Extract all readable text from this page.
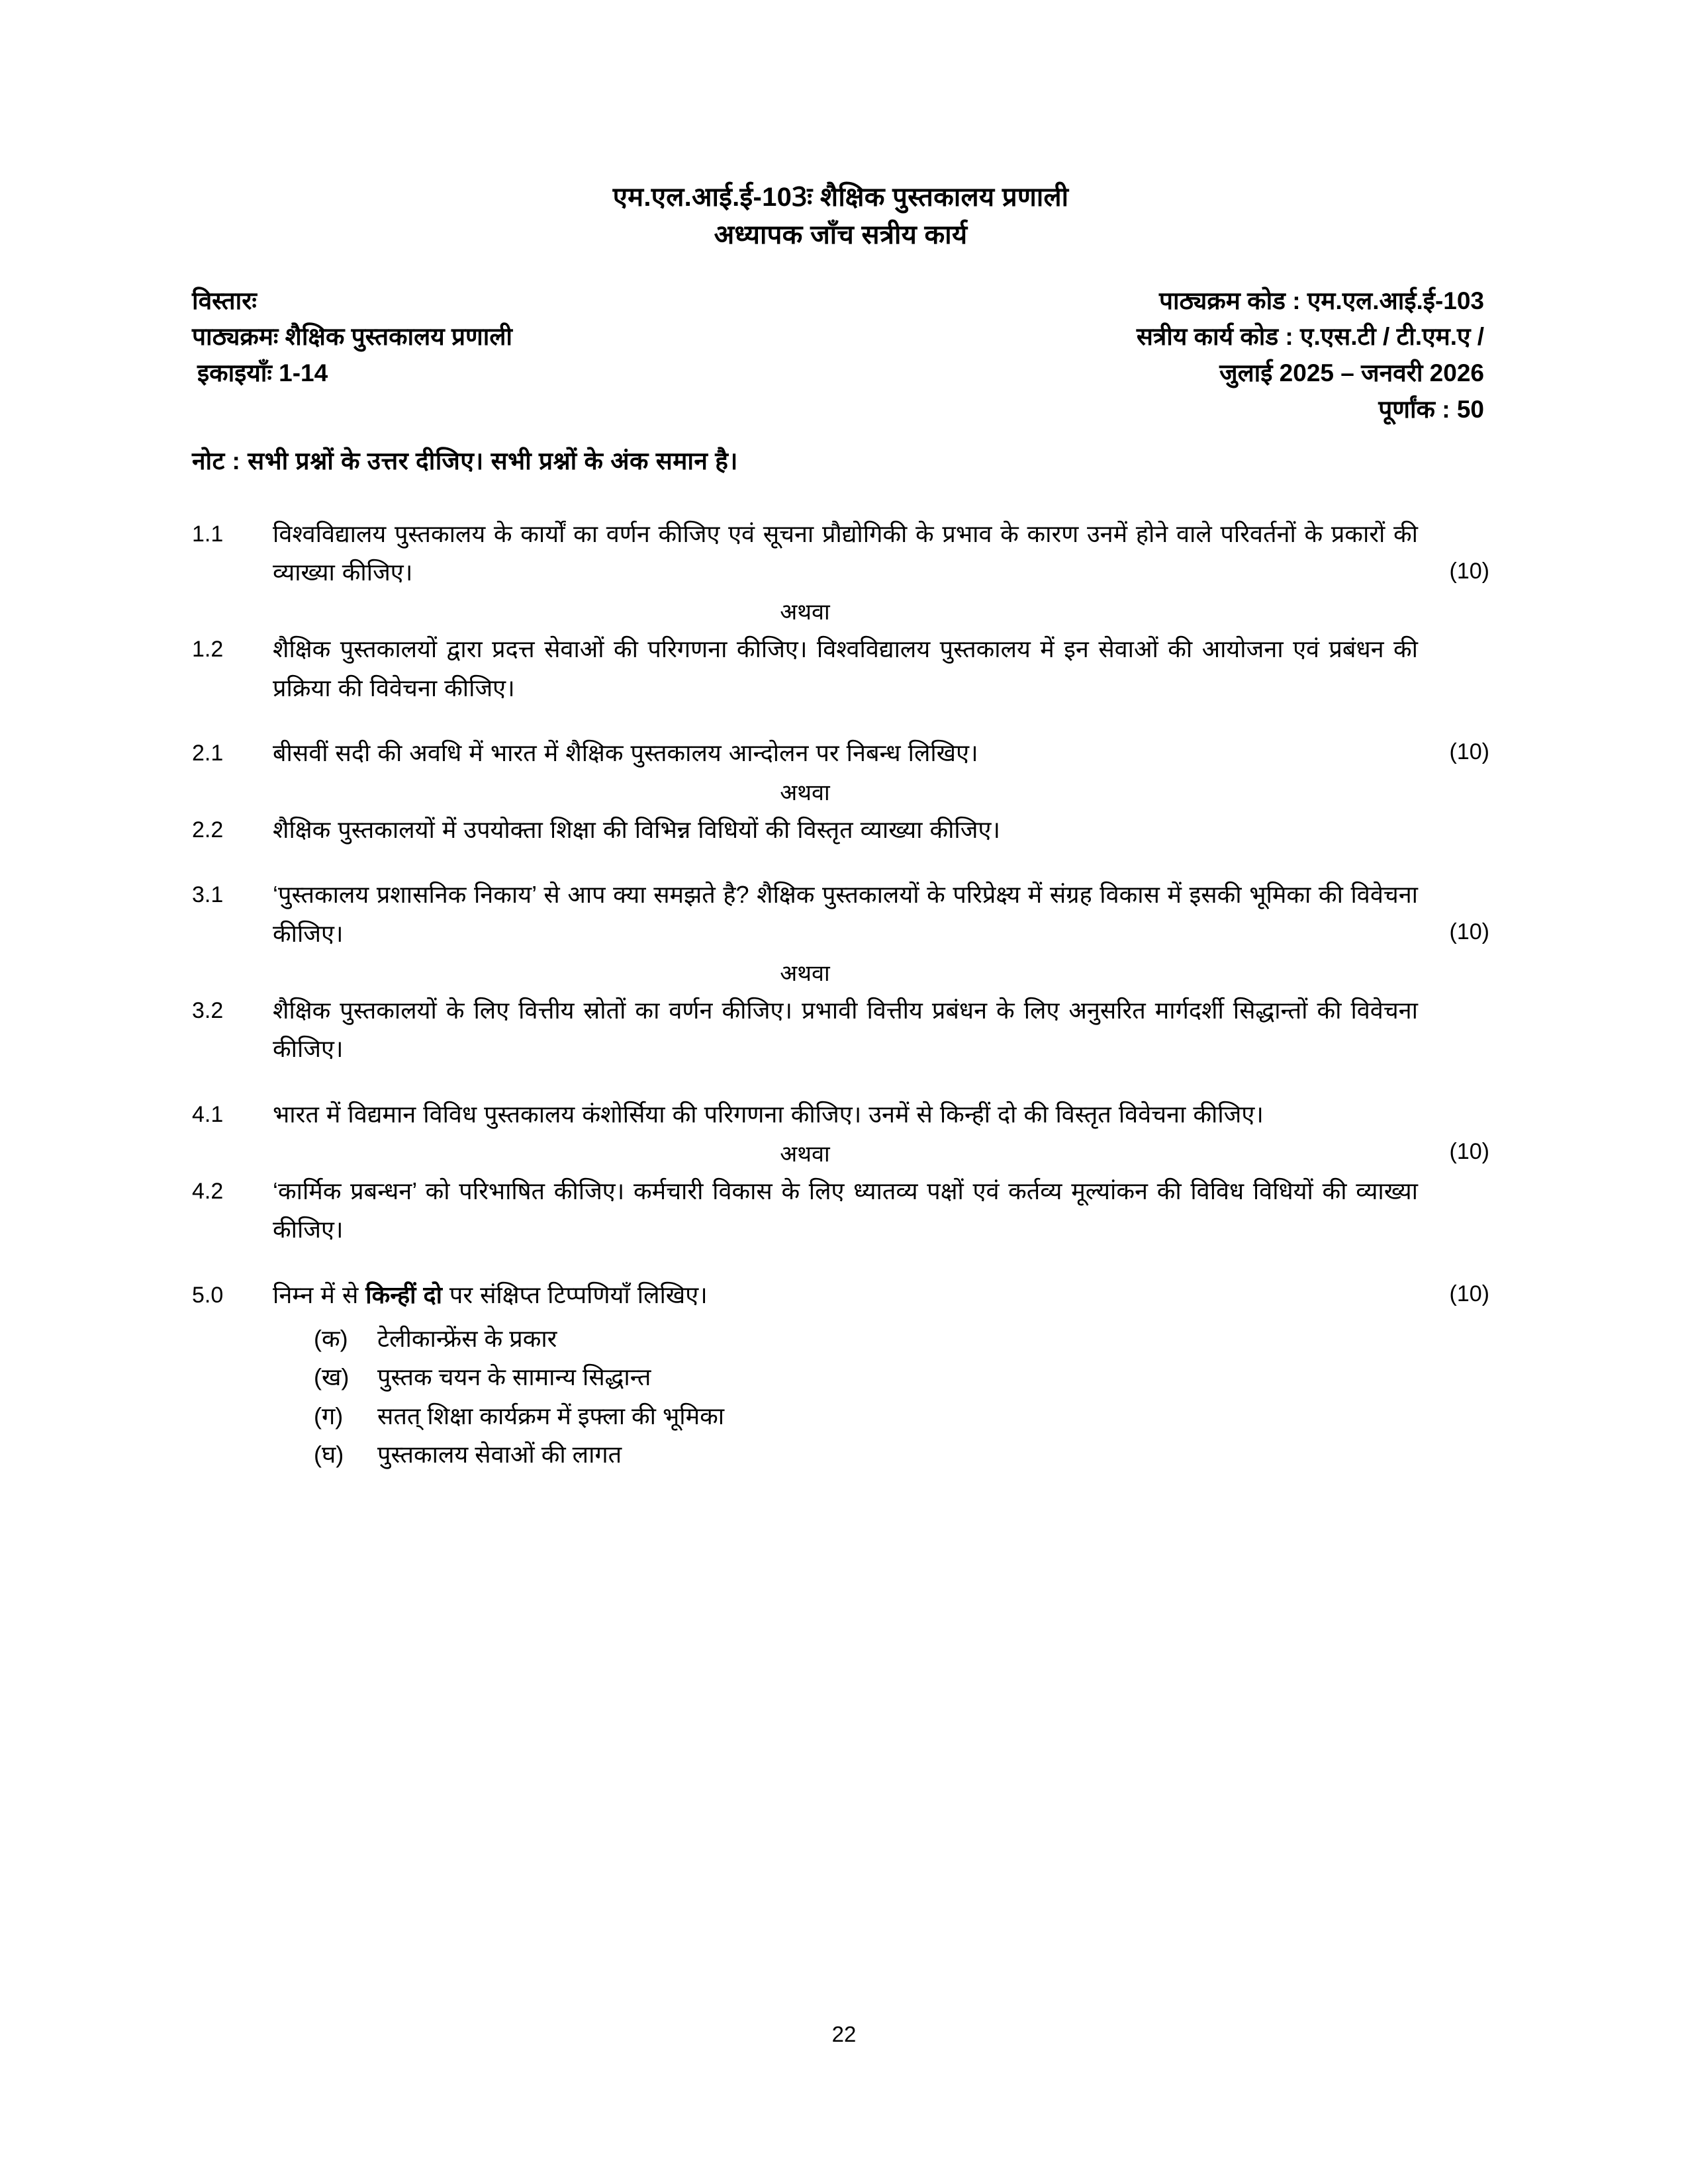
एम.एल.आई.ई-103ः शैक्षिक पुस्तकालय प्रणाली
अध्यापक जाँच सत्रीय कार्य
विस्तारः
पाठ्यक्रमः शैक्षिक पुस्तकालय प्रणाली
इकाइयाँः 1-14
पाठ्यक्रम कोड : एम.एल.आई.ई-103
सत्रीय कार्य कोड : ए.एस.टी / टी.एम.ए /
जुलाई 2025 – जनवरी 2026
पूर्णांक : 50
नोट : सभी प्रश्नों के उत्तर दीजिए। सभी प्रश्नों के अंक समान है।
1.1	विश्वविद्यालय पुस्तकालय के कार्यों का वर्णन कीजिए एवं सूचना प्रौद्योगिकी के प्रभाव के कारण उनमें होने वाले परिवर्तनों के प्रकारों की व्याख्या कीजिए।	(10)
अथवा
1.2	शैक्षिक पुस्तकालयों द्वारा प्रदत्त सेवाओं की परिगणना कीजिए। विश्वविद्यालय पुस्तकालय में इन सेवाओं की आयोजना एवं प्रबंधन की प्रक्रिया की विवेचना कीजिए।
2.1	बीसवीं सदी की अवधि में भारत में शैक्षिक पुस्तकालय आन्दोलन पर निबन्ध लिखिए।	(10)
अथवा
2.2	शैक्षिक पुस्तकालयों में उपयोक्ता शिक्षा की विभिन्न विधियों की विस्तृत व्याख्या कीजिए।
3.1	‘पुस्तकालय प्रशासनिक निकाय’ से आप क्या समझते है? शैक्षिक पुस्तकालयों के परिप्रेक्ष्य में संग्रह विकास में इसकी भूमिका की विवेचना कीजिए।	(10)
अथवा
3.2	शैक्षिक पुस्तकालयों के लिए वित्तीय स्रोतों का वर्णन कीजिए। प्रभावी वित्तीय प्रबंधन के लिए अनुसरित मार्गदर्शी सिद्धान्तों की विवेचना कीजिए।
4.1	भारत में विद्यमान विविध पुस्तकालय कंशोर्सिया की परिगणना कीजिए। उनमें से किन्हीं दो की विस्तृत विवेचना कीजिए।
(10)
अथवा
4.2	‘कार्मिक प्रबन्धन’ को परिभाषित कीजिए। कर्मचारी विकास के लिए ध्यातव्य पक्षों एवं कर्तव्य मूल्यांकन की विविध विधियों की व्याख्या कीजिए।
5.0	निम्न में से किन्हीं दो पर संक्षिप्त टिप्पणियाँ लिखिए।	(10)
(क)	टेलीकान्फ्रेंस के प्रकार
(ख)	पुस्तक चयन के सामान्य सिद्धान्त
(ग)	सतत् शिक्षा कार्यक्रम में इफ्ला की भूमिका
(घ)	पुस्तकालय सेवाओं की लागत
22
